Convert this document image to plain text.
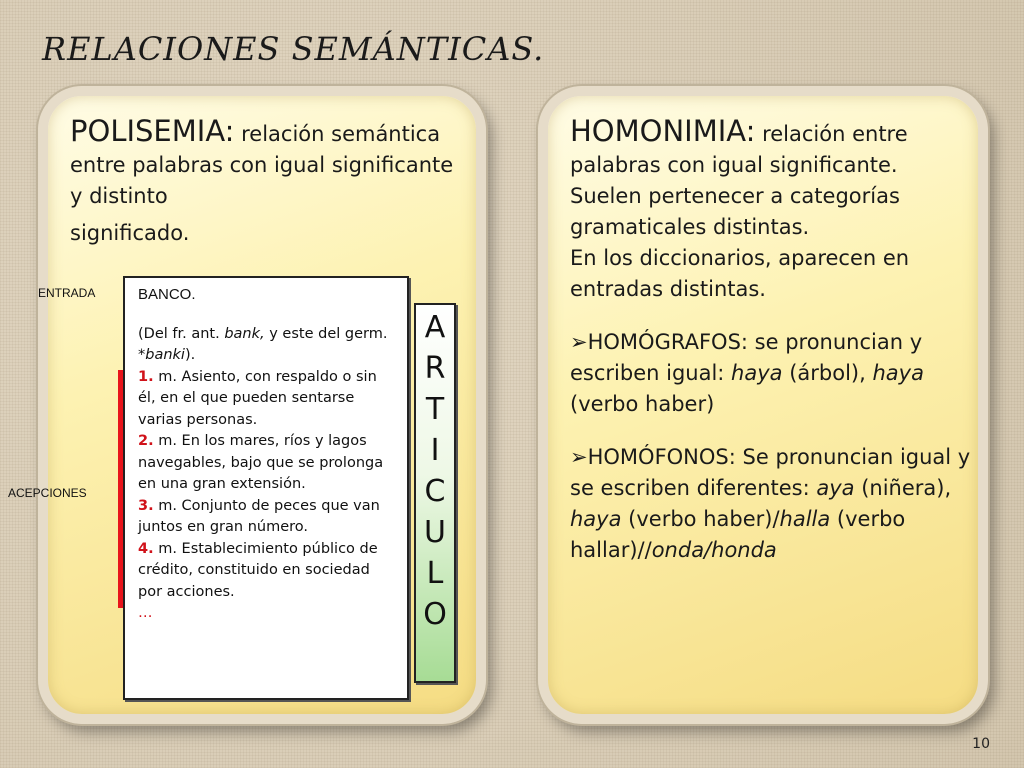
RELACIONES SEMÁNTICAS.
POLISEMIA: relación semántica entre palabras con igual significante y distinto
significado.
ENTRADA
ACEPCIONES

BANCO.

(Del fr. ant. bank, y este del germ. *banki).

1. m. Asiento, con respaldo o sin él, en el que pueden sentarse varias personas.

2. m. En los mares, ríos y lagos navegables, bajo que se prolonga en una gran extensión.

3. m. Conjunto de peces que van juntos en gran número.

4. m. Establecimiento público de crédito, constituido en sociedad por acciones.

…

A
R
T
I
C
U
L
O

HOMONIMIA: relación entre palabras con igual significante.

Suelen pertenecer a categorías gramaticales distintas.

En los diccionarios, aparecen en entradas distintas.

➢HOMÓGRAFOS: se pronuncian y escriben igual: haya (árbol), haya (verbo haber)

➢HOMÓFONOS: Se pronuncian igual y se escriben diferentes: aya (niñera), haya (verbo haber)/halla (verbo hallar)//onda/honda

10
